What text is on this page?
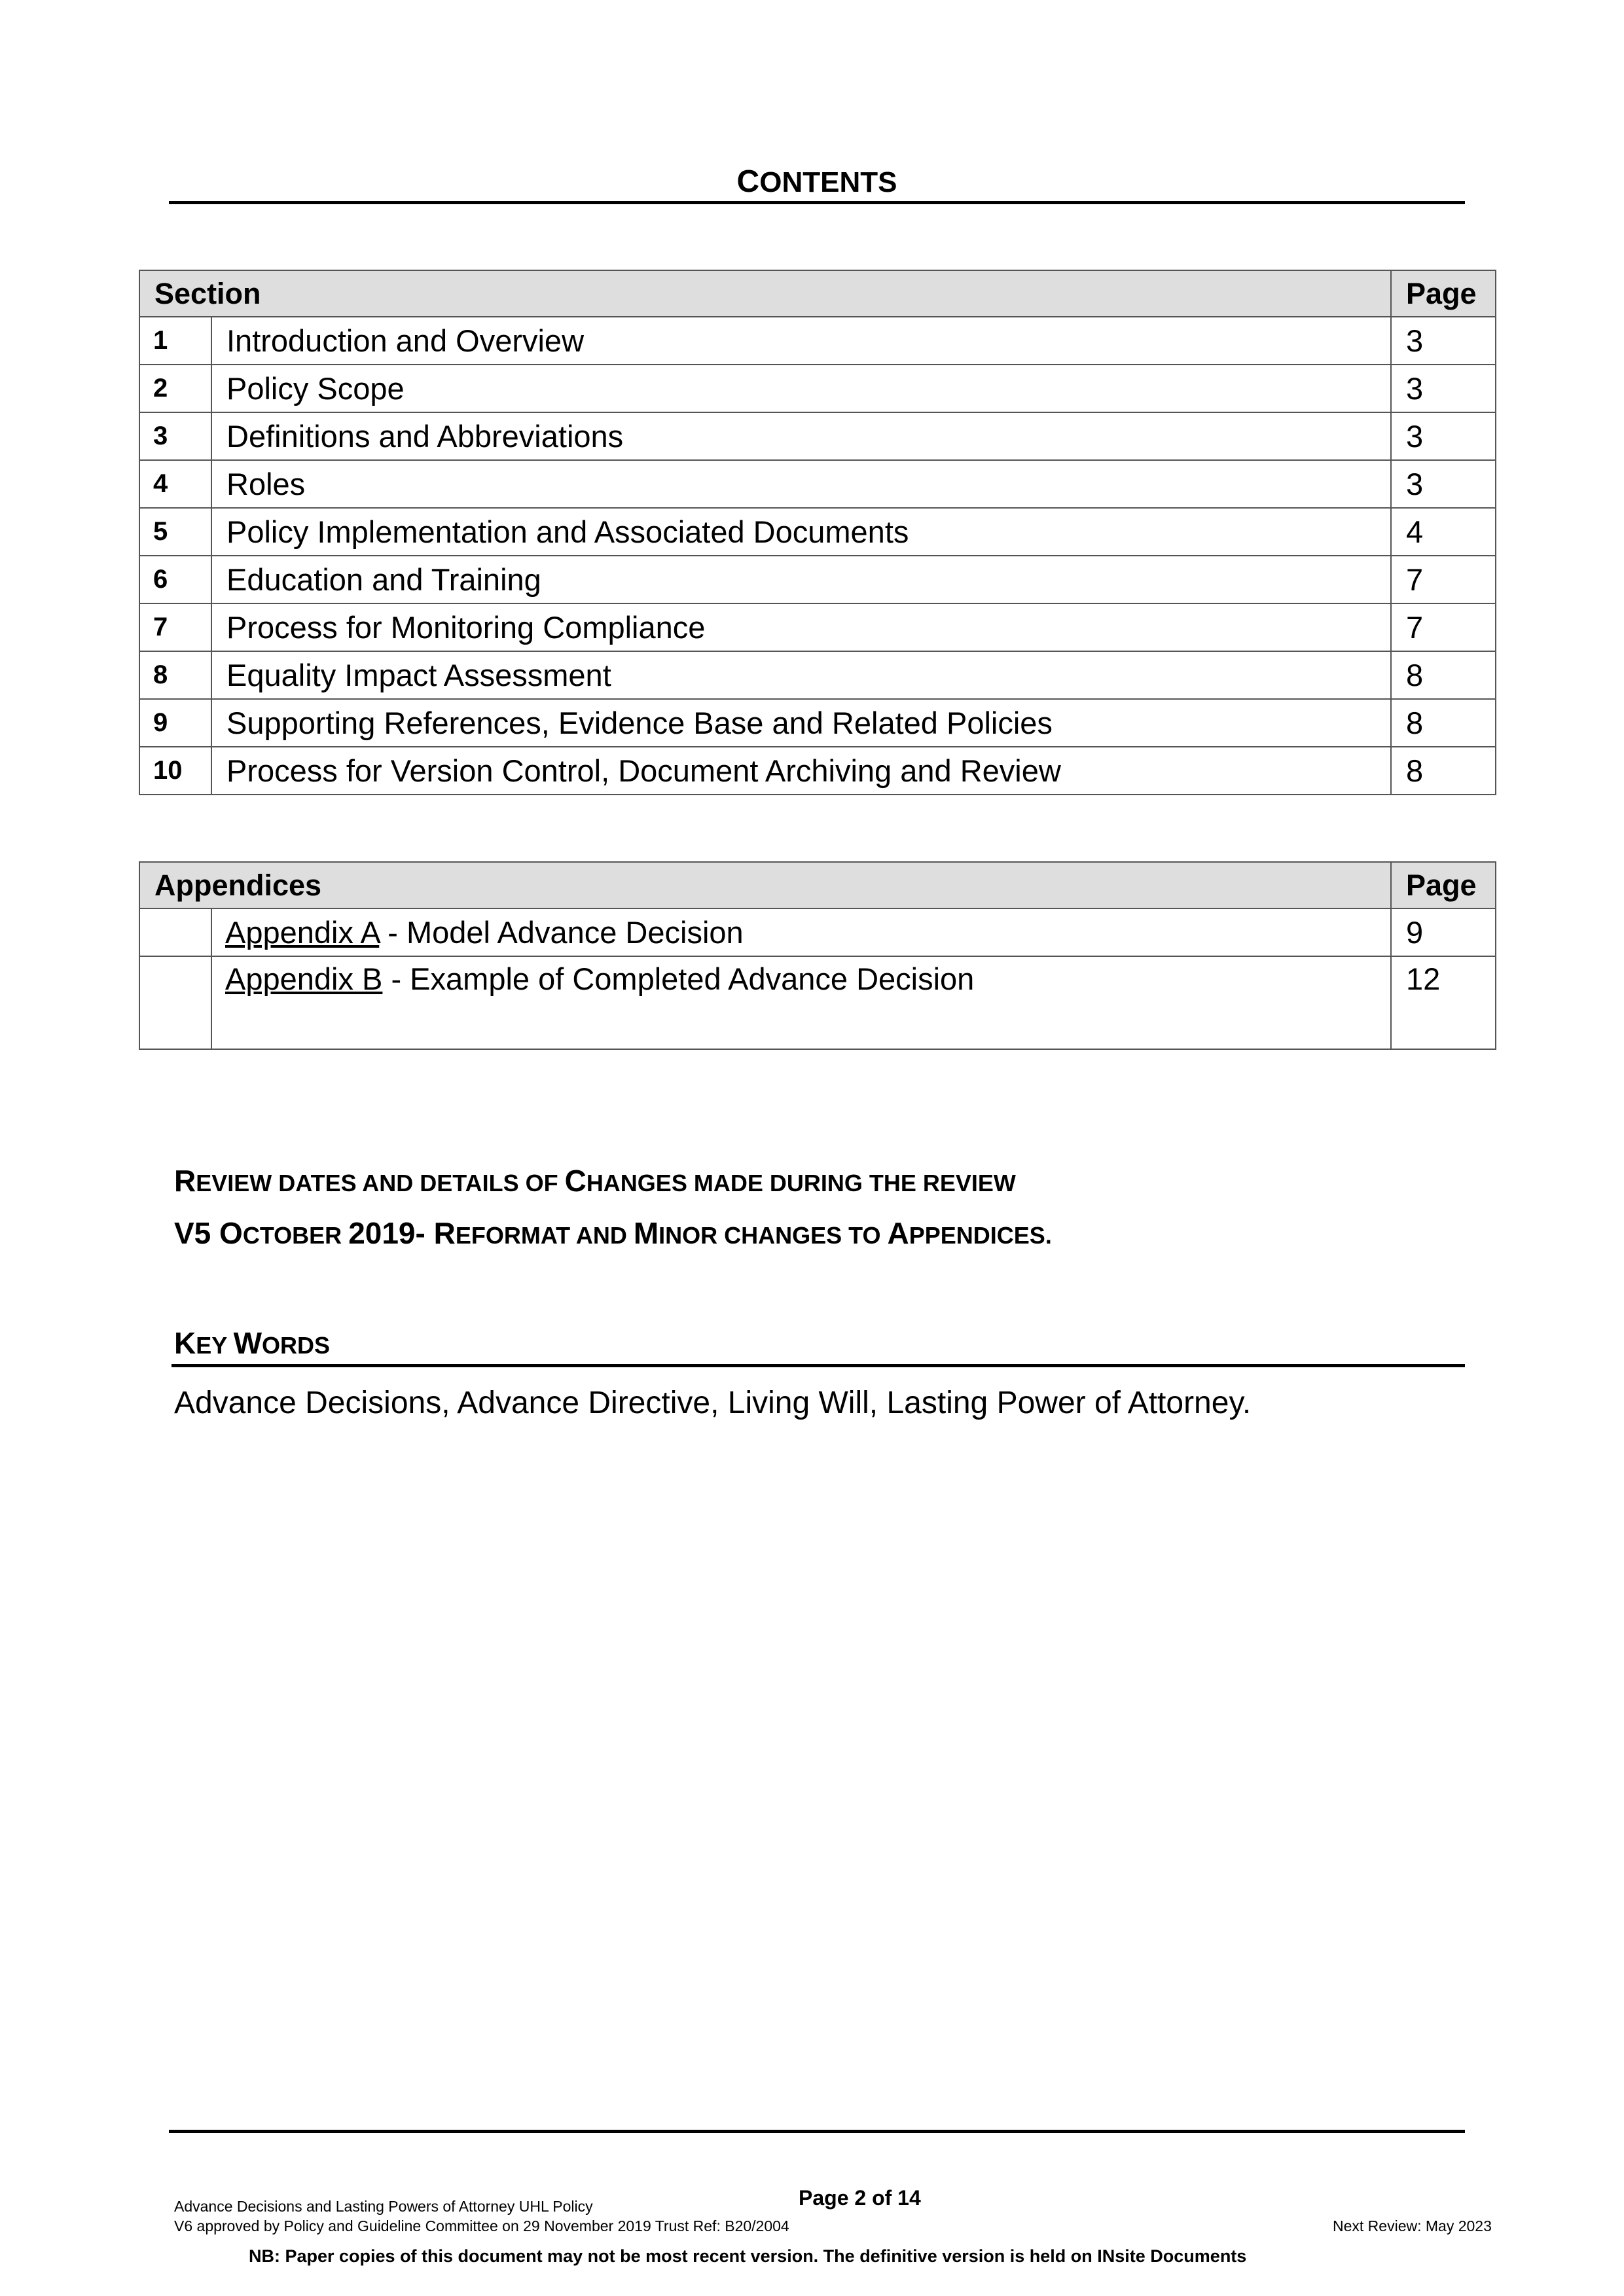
CONTENTS
Section		Page
1	Introduction and Overview	3
2	Policy Scope	3
3	Definitions and Abbreviations	3
4	Roles	3
5	Policy Implementation and Associated Documents	4
6	Education and Training	7
7	Process for Monitoring Compliance	7
8	Equality Impact Assessment	8
9	Supporting References, Evidence Base and Related Policies	8
10	Process for Version Control, Document Archiving and Review	8
Appendices		Page
	Appendix A - Model Advance Decision	9
	Appendix B - Example of Completed Advance Decision	12
REVIEW DATES AND DETAILS OF CHANGES MADE DURING THE REVIEW
V5 OCTOBER 2019- REFORMAT AND MINOR CHANGES TO APPENDICES.
KEY WORDS
Advance Decisions, Advance Directive, Living Will, Lasting Power of Attorney.
Advance Decisions and Lasting Powers of Attorney UHL Policy	Page 2 of 14
V6 approved by Policy and Guideline Committee on 29 November 2019 Trust Ref: B20/2004	Next Review: May 2023
NB: Paper copies of this document may not be most recent version. The definitive version is held on INsite Documents
